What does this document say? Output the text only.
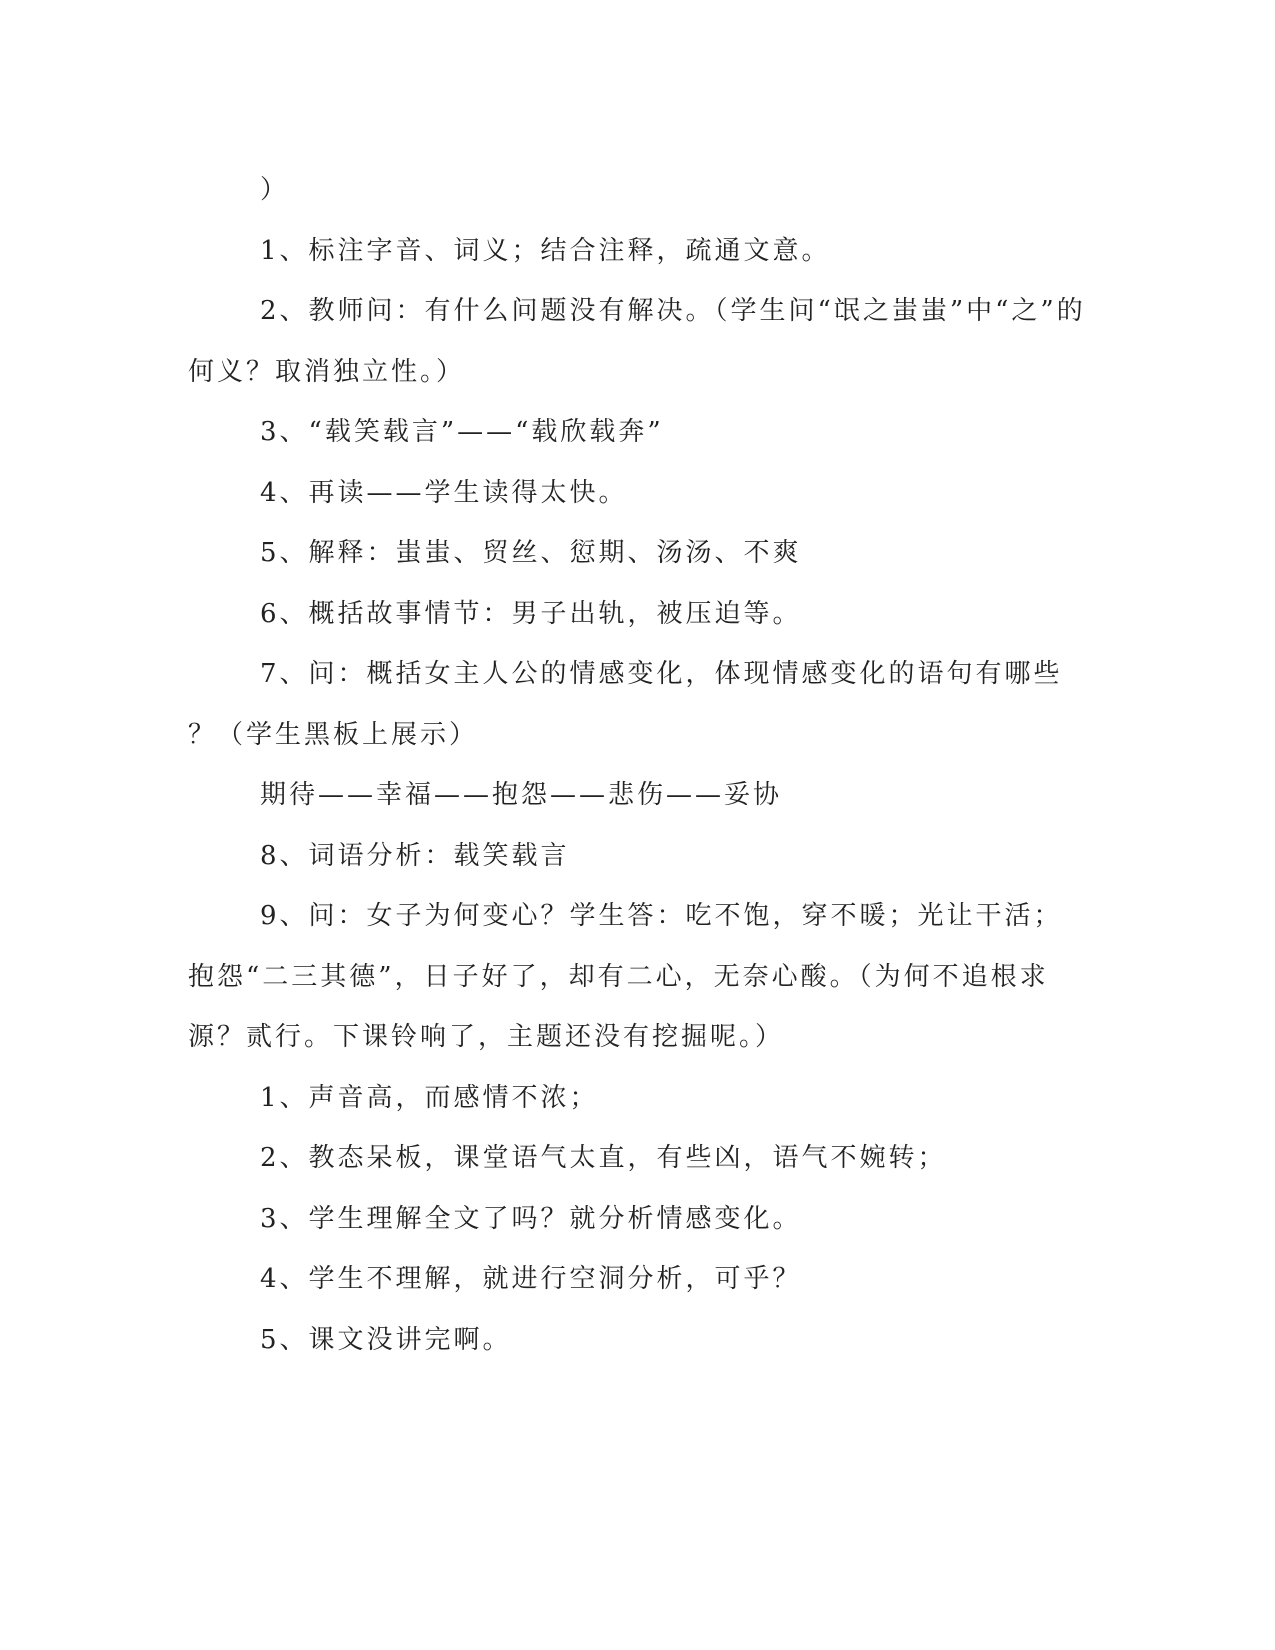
）
1、标注字音、词义；结合注释，疏通文意。
2、教师问：有什么问题没有解决。（学生问“氓之蚩蚩”中“之”的
何义？取消独立性。）
3、“载笑载言”——“载欣载奔”
4、再读——学生读得太快。
5、解释：蚩蚩、贸丝、愆期、汤汤、不爽
6、概括故事情节：男子出轨，被压迫等。
7、问：概括女主人公的情感变化，体现情感变化的语句有哪些
？（学生黑板上展示）
期待——幸福——抱怨——悲伤——妥协
8、词语分析：载笑载言
9、问：女子为何变心？学生答：吃不饱，穿不暖；光让干活；
抱怨“二三其德”，日子好了，却有二心，无奈心酸。（为何不追根求
源？贰行。下课铃响了，主题还没有挖掘呢。）
1、声音高，而感情不浓；
2、教态呆板，课堂语气太直，有些凶，语气不婉转；
3、学生理解全文了吗？就分析情感变化。
4、学生不理解，就进行空洞分析，可乎？
5、课文没讲完啊。
